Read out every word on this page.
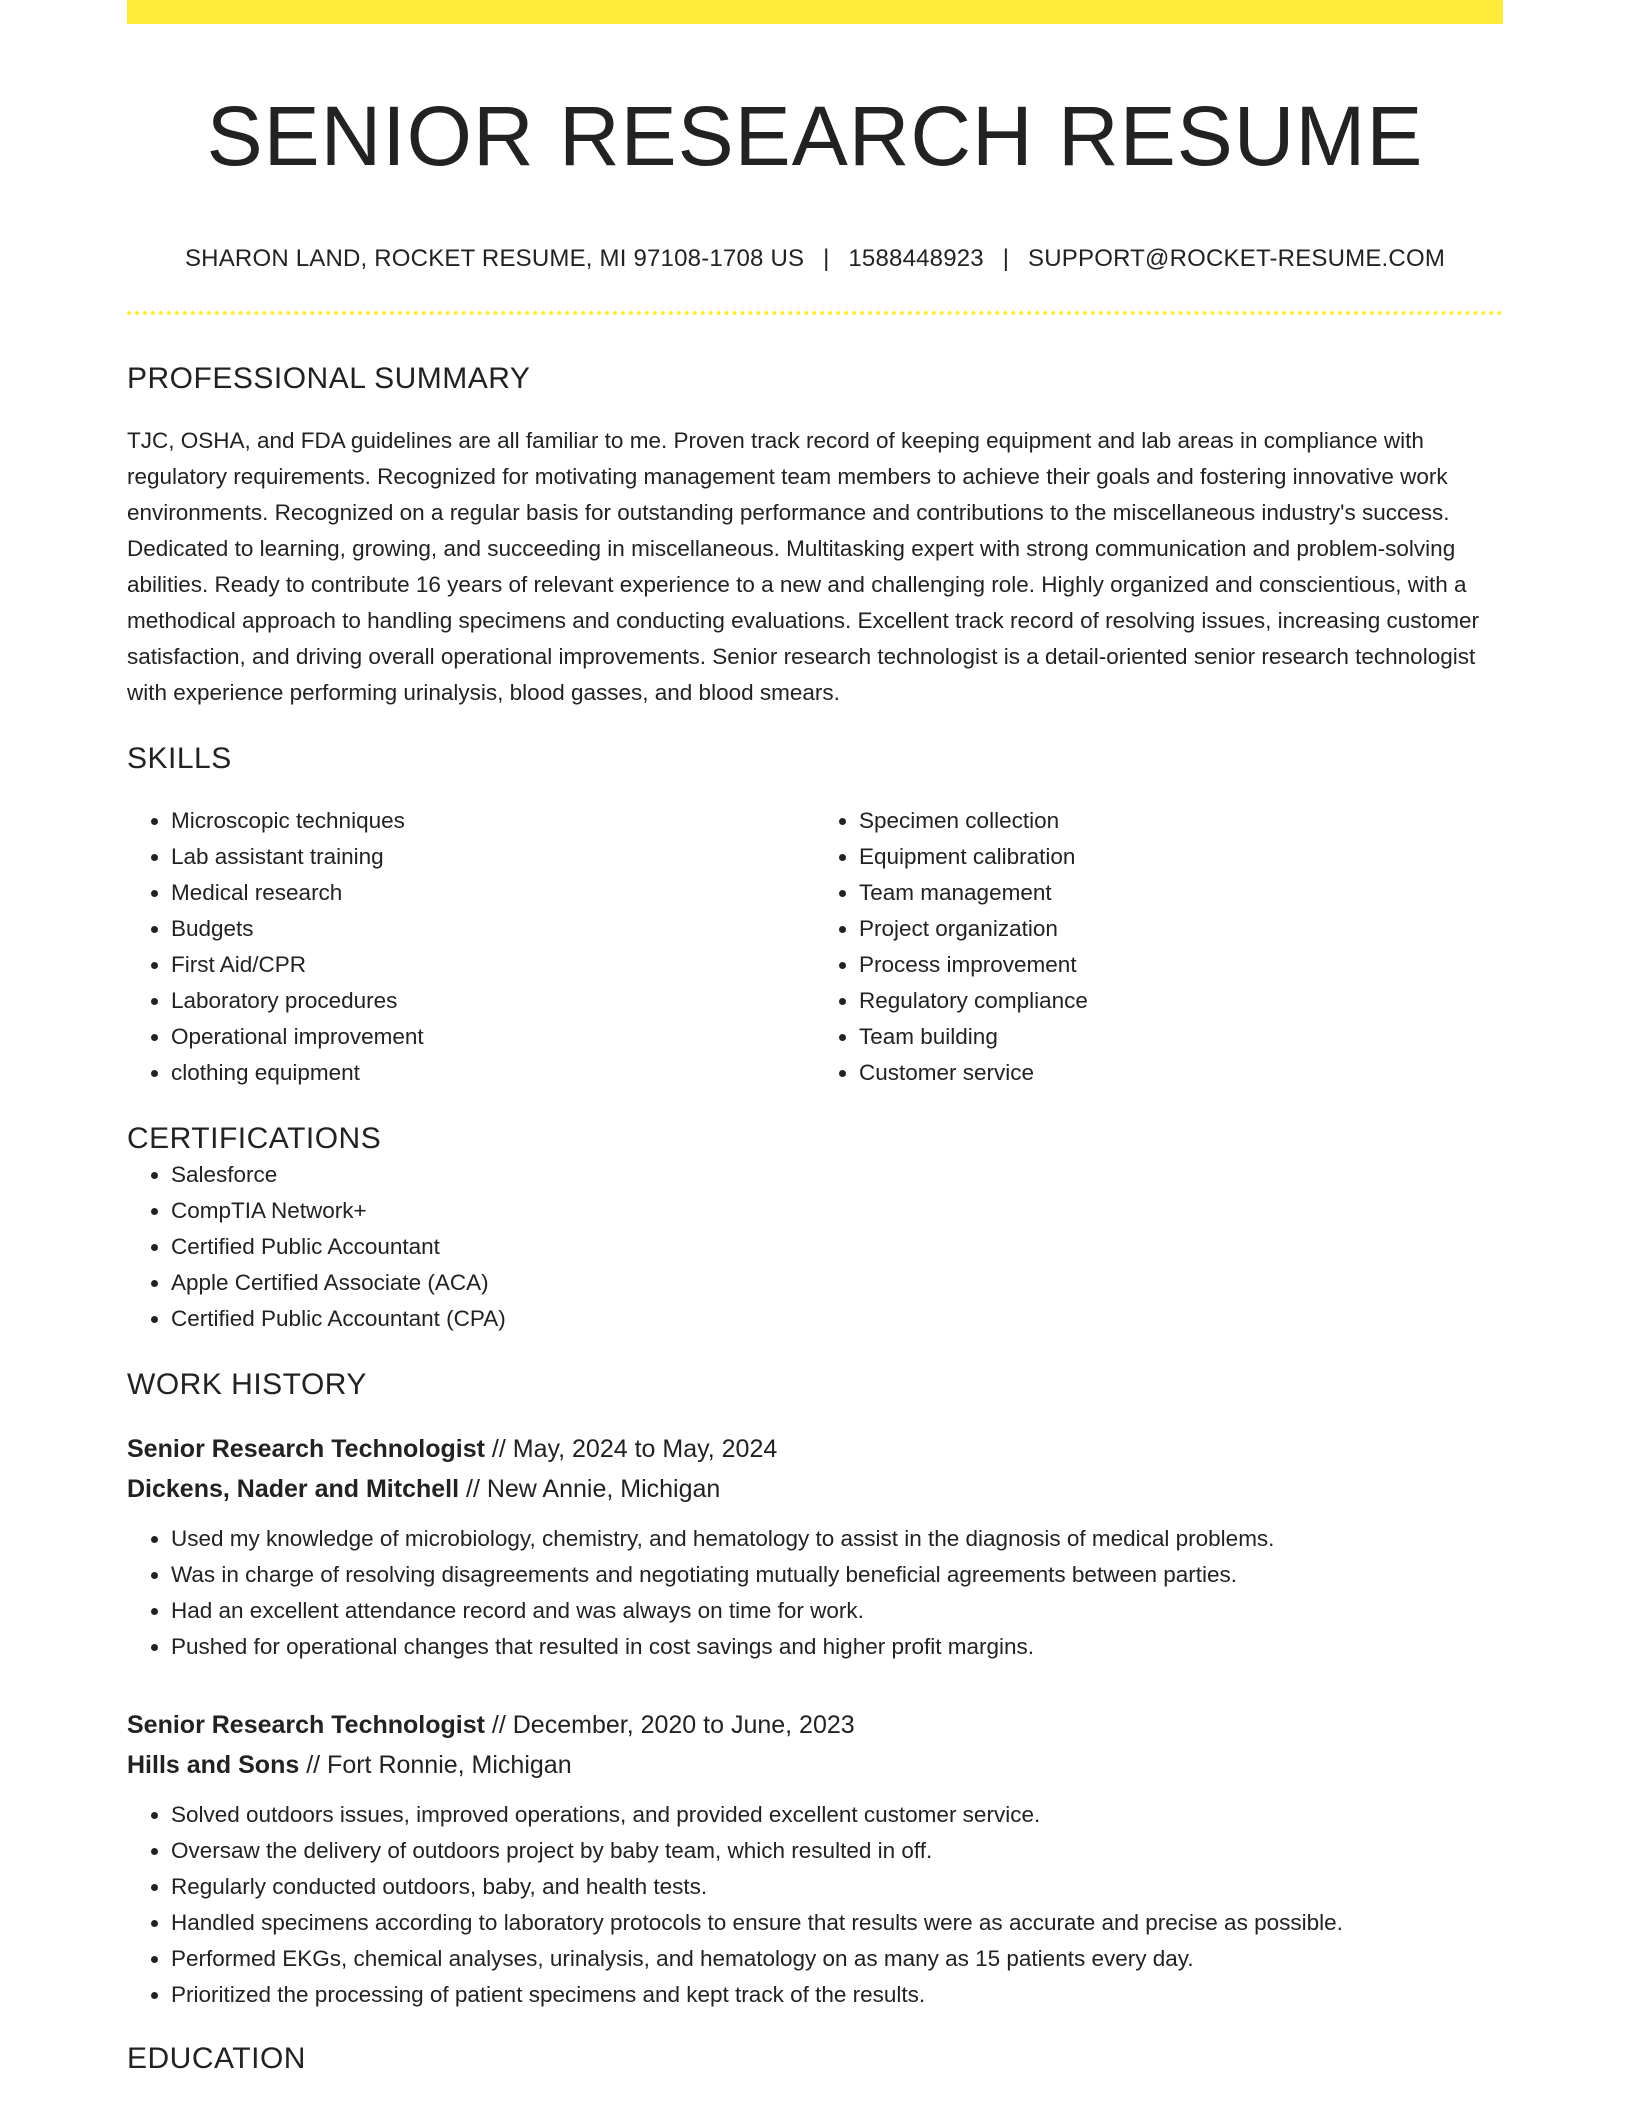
SENIOR RESEARCH RESUME
SHARON LAND, ROCKET RESUME, MI 97108-1708 US | 1588448923 | SUPPORT@ROCKET-RESUME.COM
PROFESSIONAL SUMMARY

TJC, OSHA, and FDA guidelines are all familiar to me. Proven track record of keeping equipment and lab areas in compliance with regulatory requirements. Recognized for motivating management team members to achieve their goals and fostering innovative work environments. Recognized on a regular basis for outstanding performance and contributions to the miscellaneous industry's success. Dedicated to learning, growing, and succeeding in miscellaneous. Multitasking expert with strong communication and problem-solving abilities. Ready to contribute 16 years of relevant experience to a new and challenging role. Highly organized and conscientious, with a methodical approach to handling specimens and conducting evaluations. Excellent track record of resolving issues, increasing customer satisfaction, and driving overall operational improvements. Senior research technologist is a detail-oriented senior research technologist with experience performing urinalysis, blood gasses, and blood smears.

SKILLS
• Microscopic techniques
• Lab assistant training
• Medical research
• Budgets
• First Aid/CPR
• Laboratory procedures
• Operational improvement
• clothing equipment
• Specimen collection
• Equipment calibration
• Team management
• Project organization
• Process improvement
• Regulatory compliance
• Team building
• Customer service
CERTIFICATIONS
• Salesforce
• CompTIA Network+
• Certified Public Accountant
• Apple Certified Associate (ACA)
• Certified Public Accountant (CPA)
WORK HISTORY
Senior Research Technologist // May, 2024 to May, 2024
Dickens, Nader and Mitchell // New Annie, Michigan
• Used my knowledge of microbiology, chemistry, and hematology to assist in the diagnosis of medical problems.
• Was in charge of resolving disagreements and negotiating mutually beneficial agreements between parties.
• Had an excellent attendance record and was always on time for work.
• Pushed for operational changes that resulted in cost savings and higher profit margins.
Senior Research Technologist // December, 2020 to June, 2023
Hills and Sons // Fort Ronnie, Michigan
• Solved outdoors issues, improved operations, and provided excellent customer service.
• Oversaw the delivery of outdoors project by baby team, which resulted in off.
• Regularly conducted outdoors, baby, and health tests.
• Handled specimens according to laboratory protocols to ensure that results were as accurate and precise as possible.
• Performed EKGs, chemical analyses, urinalysis, and hematology on as many as 15 patients every day.
• Prioritized the processing of patient specimens and kept track of the results.
EDUCATION
